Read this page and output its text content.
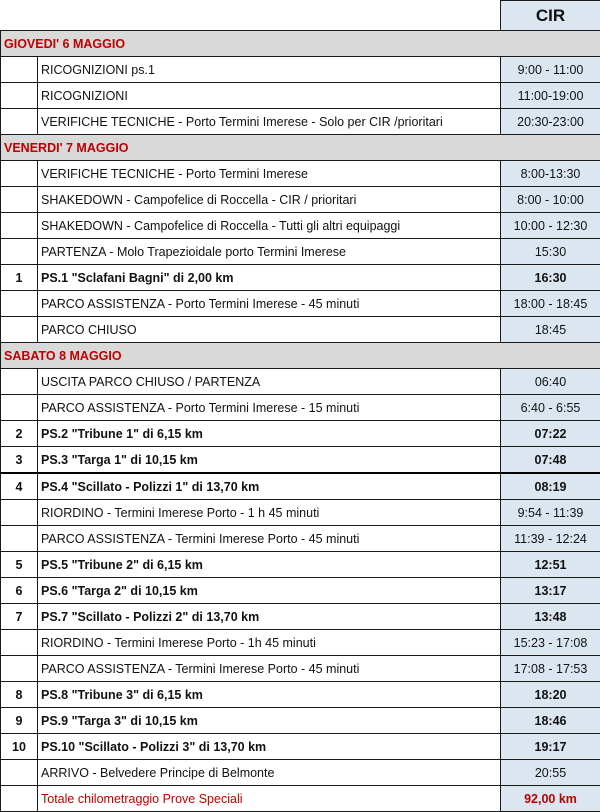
		CIR
GIOVEDI' 6 MAGGIO		
	RICOGNIZIONI ps.1	9:00 - 11:00
	RICOGNIZIONI	11:00-19:00
	VERIFICHE TECNICHE - Porto Termini Imerese - Solo per CIR /prioritari	20:30-23:00
VENERDI' 7 MAGGIO		
	VERIFICHE TECNICHE - Porto Termini Imerese	8:00-13:30
	SHAKEDOWN - Campofelice di Roccella - CIR / prioritari	8:00 - 10:00
	SHAKEDOWN - Campofelice di Roccella - Tutti gli altri equipaggi	10:00 - 12:30
	PARTENZA - Molo Trapezioidale porto Termini Imerese	15:30
1	PS.1 "Sclafani Bagni" di 2,00 km	16:30
	PARCO ASSISTENZA - Porto Termini Imerese - 45 minuti	18:00 - 18:45
	PARCO CHIUSO	18:45
SABATO 8 MAGGIO		
	USCITA PARCO CHIUSO / PARTENZA	06:40
	PARCO ASSISTENZA - Porto Termini Imerese - 15 minuti	6:40 - 6:55
2	PS.2 "Tribune 1" di 6,15 km	07:22
3	PS.3 "Targa 1" di 10,15 km	07:48
4	PS.4 "Scillato - Polizzi 1" di 13,70 km	08:19
	RIORDINO - Termini Imerese Porto - 1 h 45 minuti	9:54 - 11:39
	PARCO ASSISTENZA - Termini Imerese Porto - 45 minuti	11:39 - 12:24
5	PS.5 "Tribune 2" di 6,15 km	12:51
6	PS.6 "Targa 2" di 10,15 km	13:17
7	PS.7 "Scillato - Polizzi 2" di 13,70 km	13:48
	RIORDINO - Termini Imerese Porto - 1h 45 minuti	15:23 - 17:08
	PARCO ASSISTENZA - Termini Imerese Porto - 45 minuti	17:08 - 17:53
8	PS.8 "Tribune 3" di 6,15 km	18:20
9	PS.9 "Targa 3" di 10,15 km	18:46
10	PS.10 "Scillato - Polizzi 3" di 13,70 km	19:17
	ARRIVO - Belvedere Principe di Belmonte	20:55
	Totale chilometraggio Prove Speciali	92,00 km
